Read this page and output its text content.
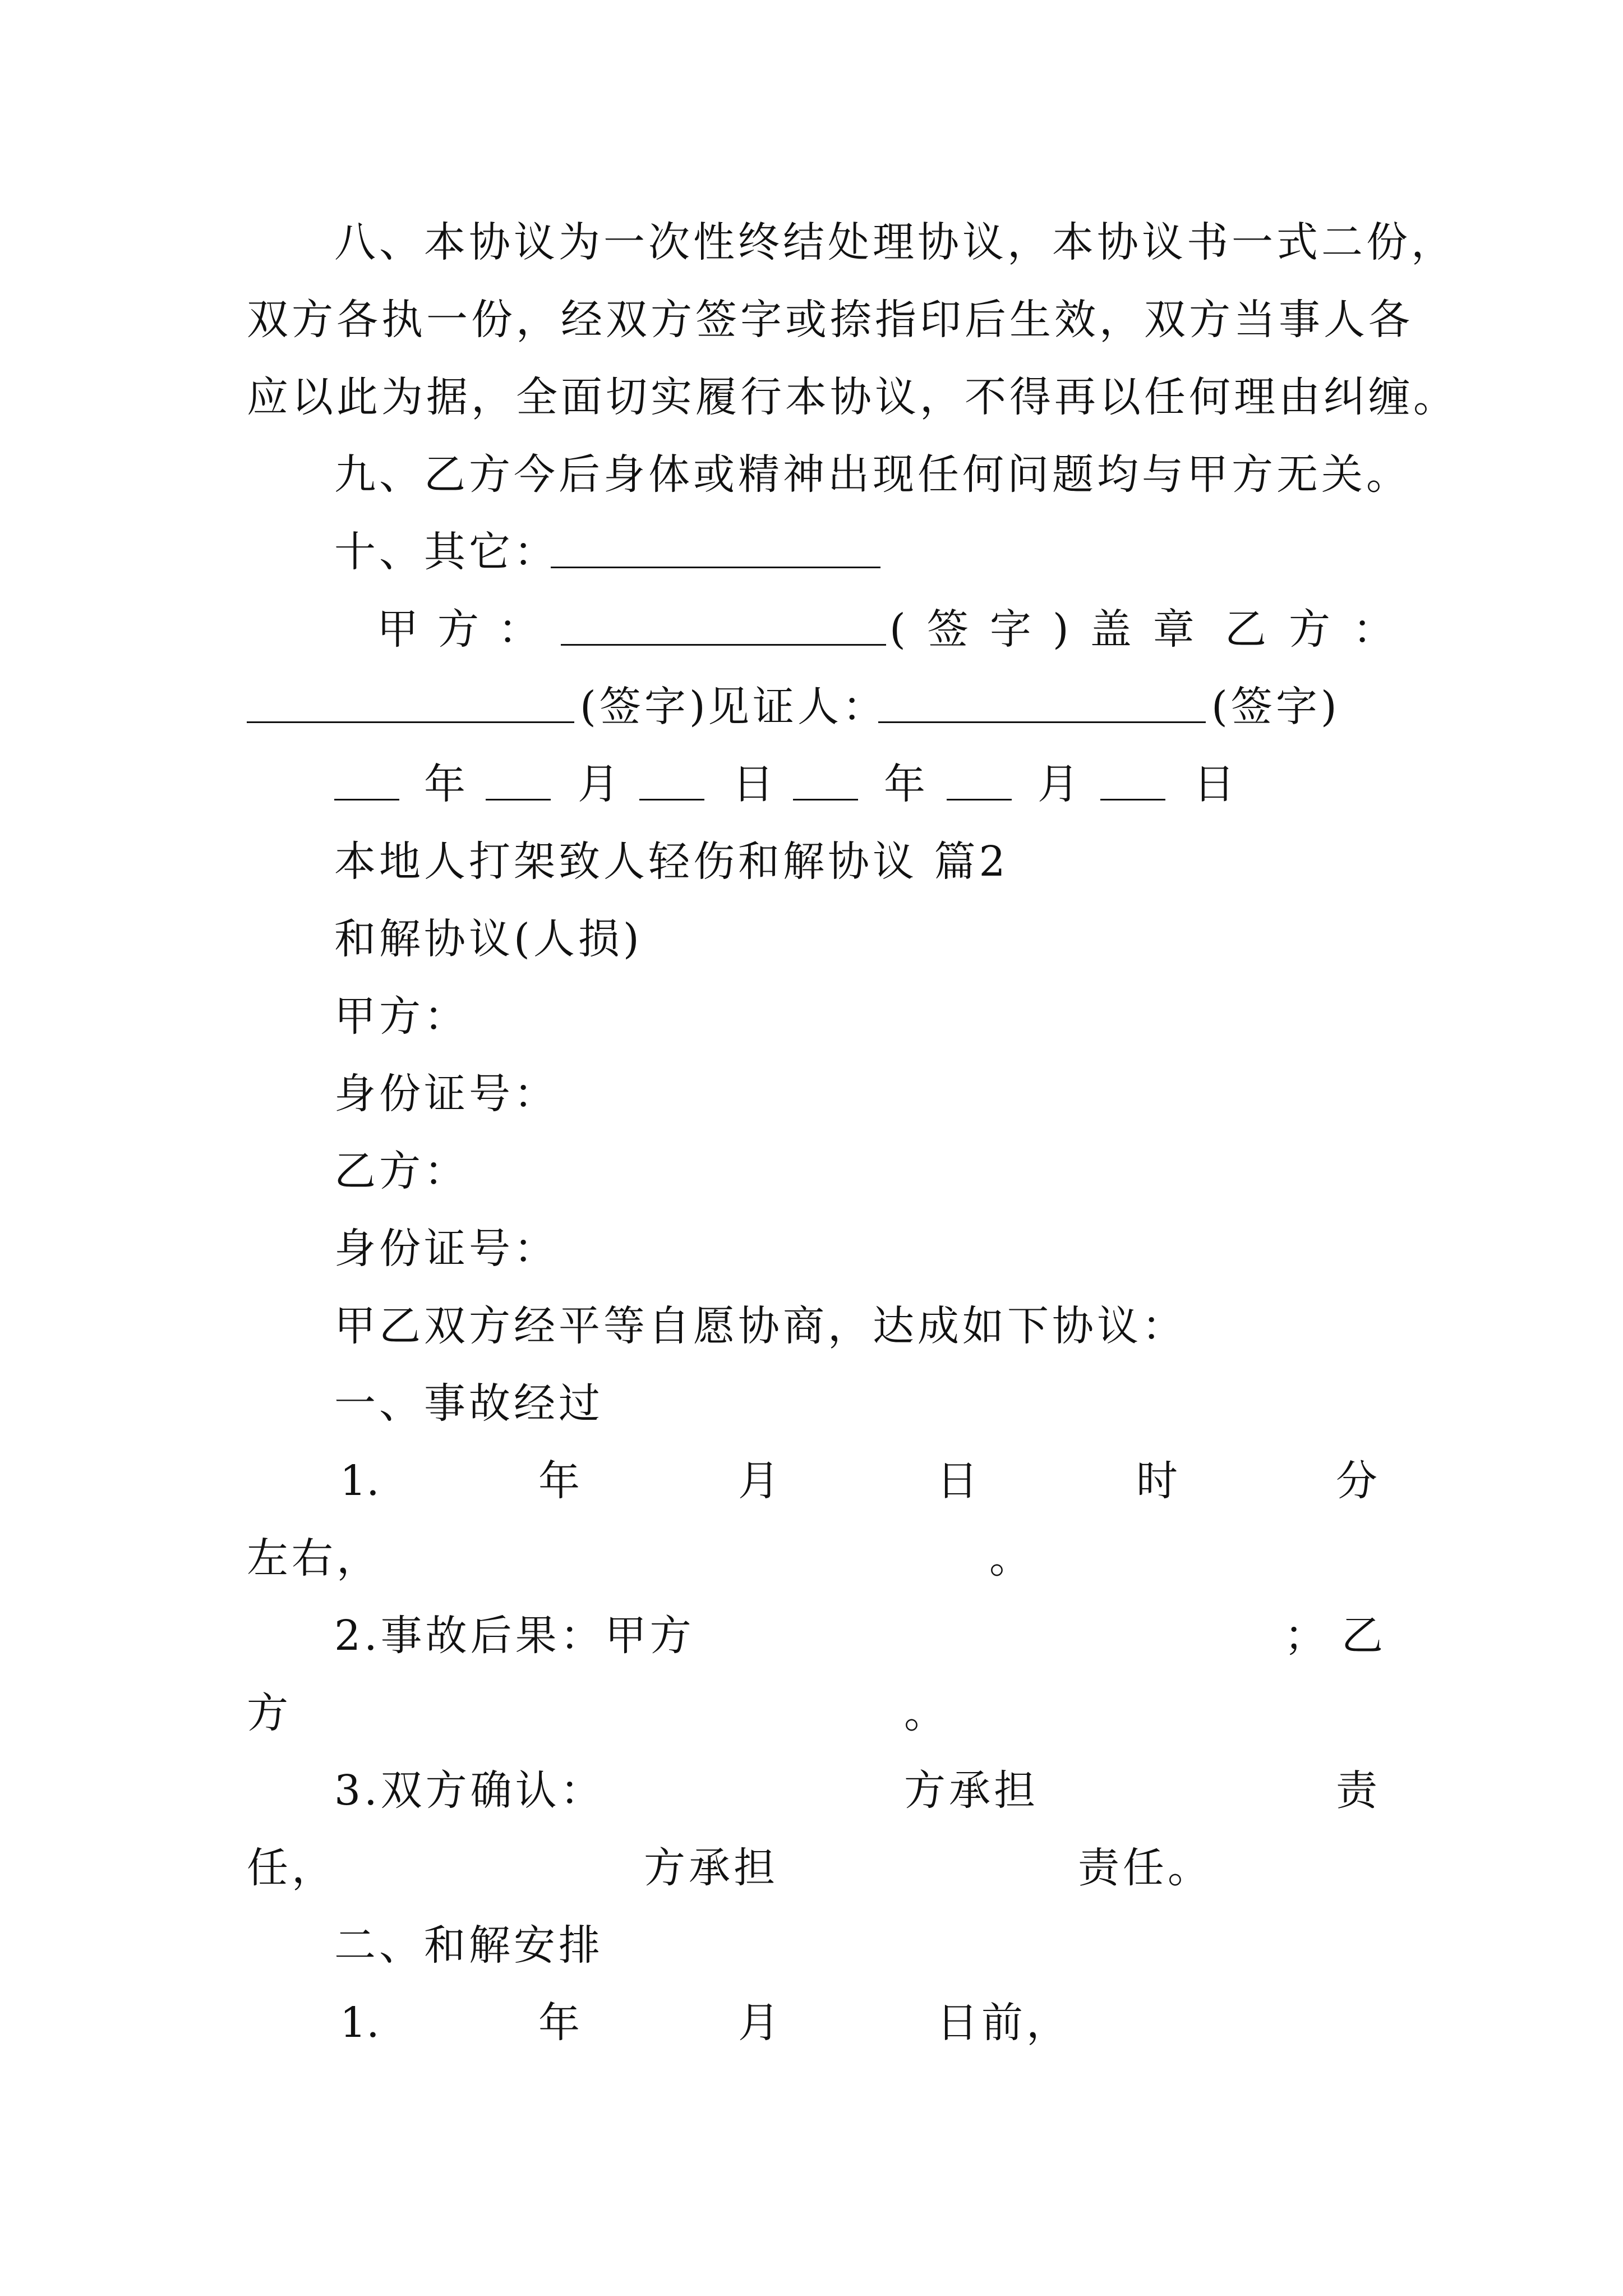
八、本协议为一次性终结处理协议，本协议书一式二份，
双方各执一份，经双方签字或捺指印后生效，双方当事人各
应以此为据，全面切实履行本协议，不得再以任何理由纠缠。
九、乙方今后身体或精神出现任何问题均与甲方无关。
十、其它：
甲方：	(签字)盖章 乙方：
(签字)
见证人：	(签字)
年	月	日	年	月	日
本地人打架致人轻伤和解协议 篇2
和解协议(人损)
甲方：
身份证号：
乙方：
身份证号：
甲乙双方经平等自愿协商，达成如下协议：
一、事故经过
1.	年	月	日	时	分
左右，	。
2.事故后果：甲方	；乙
方	。
3.双方确认：	方承担	责
任，	方承担	责任。
二、和解安排
1.	年	月	日前，
